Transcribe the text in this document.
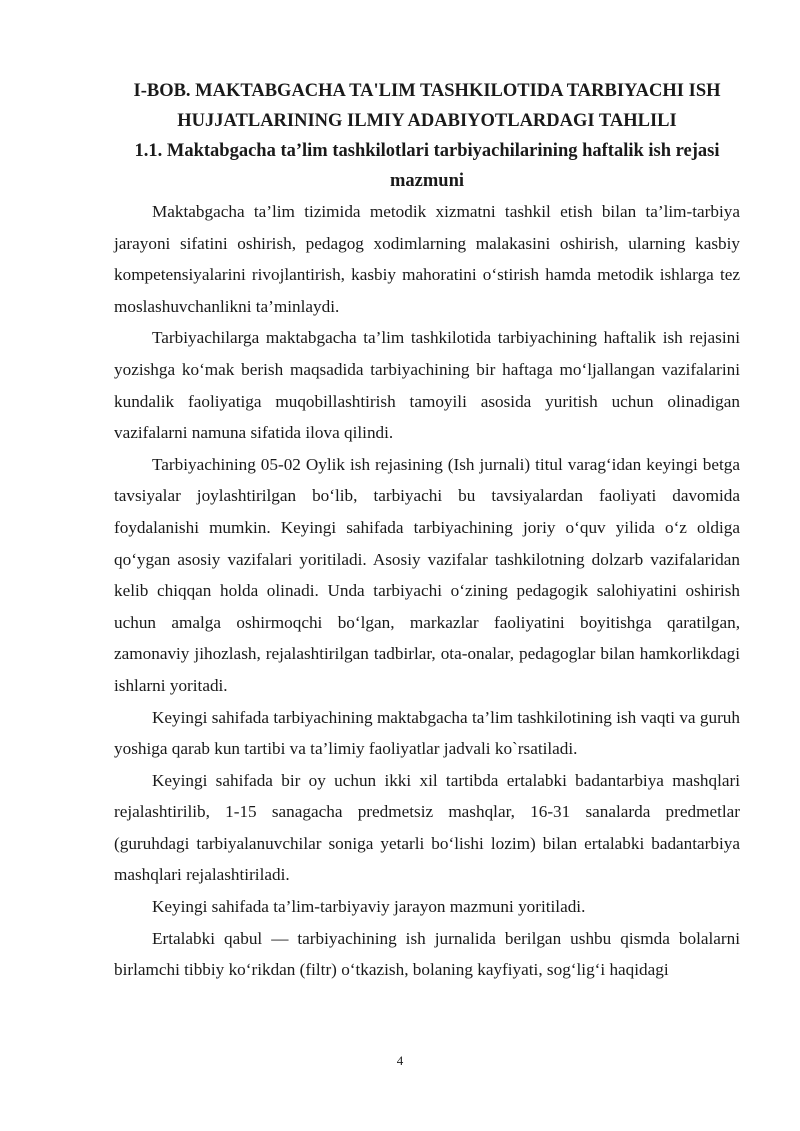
I-BOB. MAKTABGACHA TA'LIM TASHKILOTIDA TARBIYACHI ISH HUJJATLARINING ILMIY ADABIYOTLARDAGI TAHLILI
1.1. Maktabgacha ta’lim tashkilotlari tarbiyachilarining haftalik ish rejasi mazmuni

Maktabgacha ta’lim tizimida metodik xizmatni tashkil etish bilan ta’lim-tarbiya jarayoni sifatini oshirish, pedagog xodimlarning malakasini oshirish, ularning kasbiy kompetensiyalarini rivojlantirish, kasbiy mahoratini o‘stirish hamda metodik ishlarga tez moslashuvchanlikni ta’minlaydi.

Tarbiyachilarga maktabgacha ta’lim tashkilotida tarbiyachining haftalik ish rejasini yozishga ko‘mak berish maqsadida tarbiyachining bir haftaga mo‘ljallangan vazifalarini kundalik faoliyatiga muqobillashtirish tamoyili asosida yuritish uchun olinadigan vazifalarni namuna sifatida ilova qilindi.

Tarbiyachining 05-02 Oylik ish rejasining (Ish jurnali) titul varag‘idan keyingi betga tavsiyalar joylashtirilgan bo‘lib, tarbiyachi bu tavsiyalardan faoliyati davomida foydalanishi mumkin. Keyingi sahifada tarbiyachining joriy o‘quv yilida o‘z oldiga qo‘ygan asosiy vazifalari yoritiladi. Asosiy vazifalar tashkilotning dolzarb vazifalaridan kelib chiqqan holda olinadi. Unda tarbiyachi o‘zining pedagogik salohiyatini oshirish uchun amalga oshirmoqchi bo‘lgan, markazlar faoliyatini boyitishga qaratilgan, zamonaviy jihozlash, rejalashtirilgan tadbirlar, ota-onalar, pedagoglar bilan hamkorlikdagi ishlarni yoritadi.

Keyingi sahifada tarbiyachining maktabgacha ta’lim tashkilotining ish vaqti va guruh yoshiga qarab kun tartibi va ta’limiy faoliyatlar jadvali ko`rsatiladi.

Keyingi sahifada bir oy uchun ikki xil tartibda ertalabki badantarbiya mashqlari rejalashtirilib, 1-15 sanagacha predmetsiz mashqlar, 16-31 sanalarda predmetlar (guruhdagi tarbiyalanuvchilar soniga yetarli bo‘lishi lozim) bilan ertalabki badantarbiya mashqlari rejalashtiriladi.

Keyingi sahifada ta’lim-tarbiyaviy jarayon mazmuni yoritiladi.

Ertalabki qabul — tarbiyachining ish jurnalida berilgan ushbu qismda bolalarni birlamchi tibbiy ko‘rikdan (filtr) o‘tkazish, bolaning kayfiyati, sog‘lig‘i haqidagi

4
